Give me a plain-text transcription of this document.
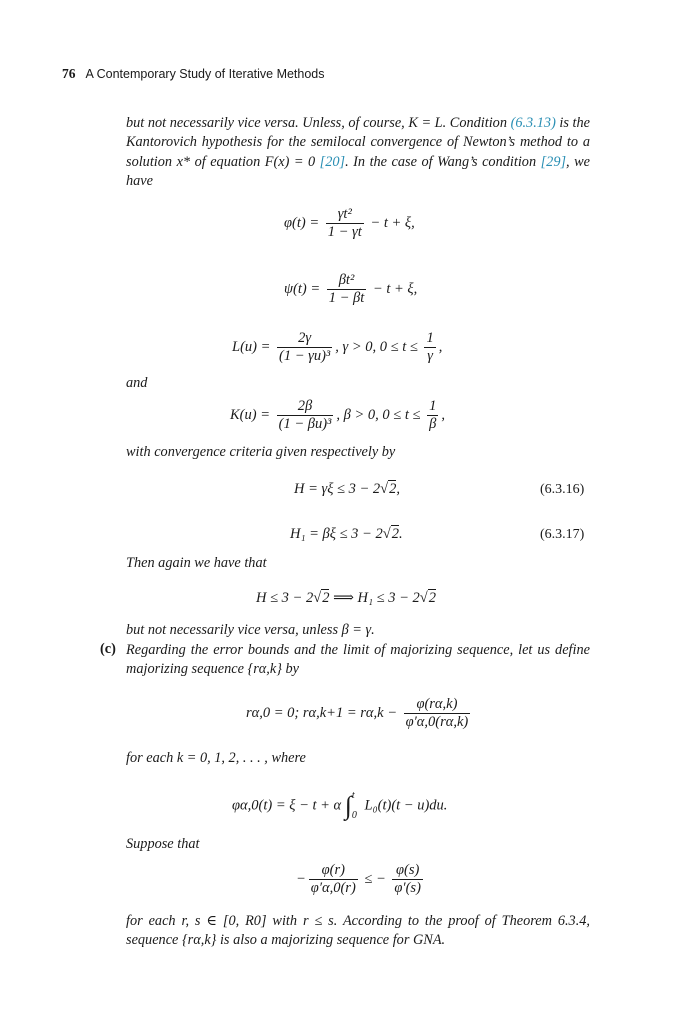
76 A Contemporary Study of Iterative Methods
but not necessarily vice versa. Unless, of course, K = L. Condition (6.3.13) is the Kantorovich hypothesis for the semilocal convergence of Newton’s method to a solution x* of equation F(x) = 0 [20]. In the case of Wang’s condition [29], we have
$\varphi(t) = \frac{\text{γt²}}{1 - \gamma t} - t + \xi$,
$\psi(t) = \frac{\text{βt²}}{1 - \beta t} - t + \xi$,
$L(u) = \frac{2\gamma}{\text{(1 − γu)³}}$ , γ > 0, $0 \le t \le \frac{1}{\gamma}$ ,
and
$K(u) = \frac{2\beta}{\text{(1 − βu)³}}$ , β > 0, $0 \le t \le \frac{1}{\beta}$ ,
with convergence criteria given respectively by
H = γξ ≤ 3 − 2√2,	(6.3.16)
H₁ = βξ ≤ 3 − 2√2.	(6.3.17)
Then again we have that
H ≤ 3 − 2√2 ⟹ H₁ ≤ 3 − 2√2
but not necessarily vice versa, unless β = γ.
(c) Regarding the error bounds and the limit of majorizing sequence, let us define majorizing sequence {rα,k} by
rα,0 = 0; $r\alpha,k+1 = r\alpha,k - \frac{\varphi(r\alpha,k)}{\varphi'\alpha,0(r\alpha,k)}$
for each k = 0, 1, 2, . . . , where
φα,0(t) = ξ − t + α ∫ t
0
L₀(t)(t − u)du.
Suppose that
− $\frac{\varphi(r)}{\varphi'\alpha,0(r)}$ ≤ − $\frac{\varphi(s)}{\varphi'(s)}$
for each r, s ∈ [0, R0] with r ≤ s. According to the proof of Theorem 6.3.4, sequence {rα,k} is also a majorizing sequence for GNA.
